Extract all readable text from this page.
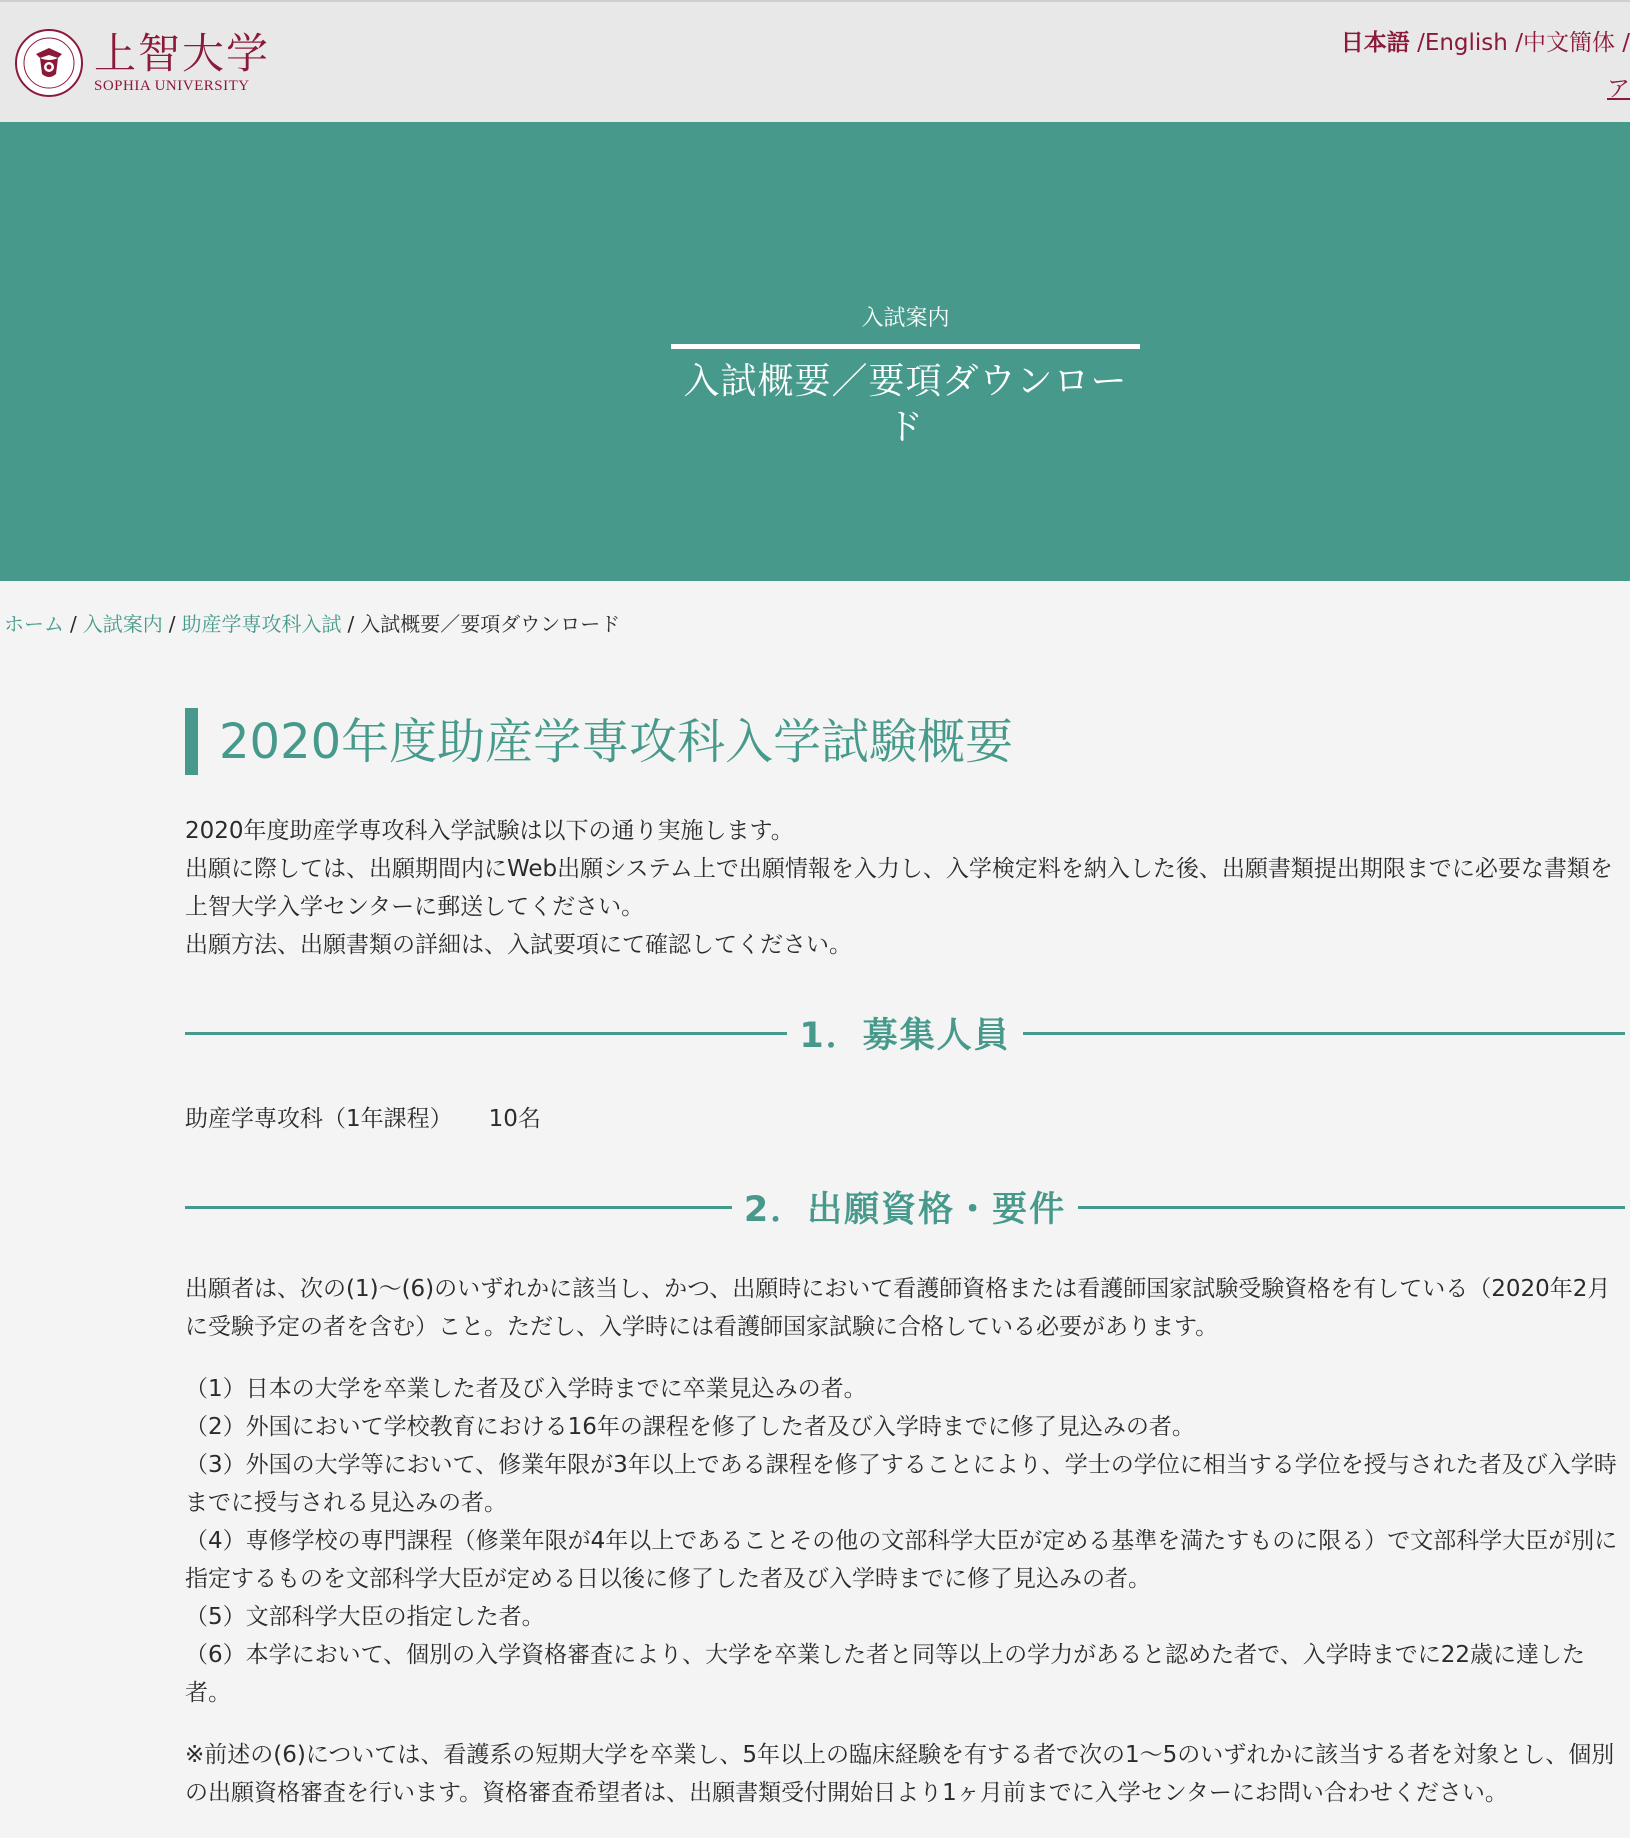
上智大学
SOPHIA UNIVERSITY
日本語 /English /中文簡体 /
ア
入試案内
入試概要／要項ダウンロード
ホーム / 入試案内 / 助産学専攻科入試 / 入試概要／要項ダウンロード
2020年度助産学専攻科入学試験概要

2020年度助産学専攻科入学試験は以下の通り実施します。

出願に際しては、出願期間内にWeb出願システム上で出願情報を入力し、入学検定料を納入した後、出願書類提出期限までに必要な書類を上智大学入学センターに郵送してください。

出願方法、出願書類の詳細は、入試要項にて確認してください。

1．募集人員

助産学専攻科（1年課程） 10名

2．出願資格・要件

出願者は、次の(1)～(6)のいずれかに該当し、かつ、出願時において看護師資格または看護師国家試験受験資格を有している（2020年2月に受験予定の者を含む）こと。ただし、入学時には看護師国家試験に合格している必要があります。

（1）日本の大学を卒業した者及び入学時までに卒業見込みの者。

（2）外国において学校教育における16年の課程を修了した者及び入学時までに修了見込みの者。

（3）外国の大学等において、修業年限が3年以上である課程を修了することにより、学士の学位に相当する学位を授与された者及び入学時までに授与される見込みの者。

（4）専修学校の専門課程（修業年限が4年以上であることその他の文部科学大臣が定める基準を満たすものに限る）で文部科学大臣が別に指定するものを文部科学大臣が定める日以後に修了した者及び入学時までに修了見込みの者。

（5）文部科学大臣の指定した者。

（6）本学において、個別の入学資格審査により、大学を卒業した者と同等以上の学力があると認めた者で、入学時までに22歳に達した者。

※前述の(6)については、看護系の短期大学を卒業し、5年以上の臨床経験を有する者で次の1～5のいずれかに該当する者を対象とし、個別の出願資格審査を行います。資格審査希望者は、出願書類受付開始日より1ヶ月前までに入学センターにお問い合わせください。
